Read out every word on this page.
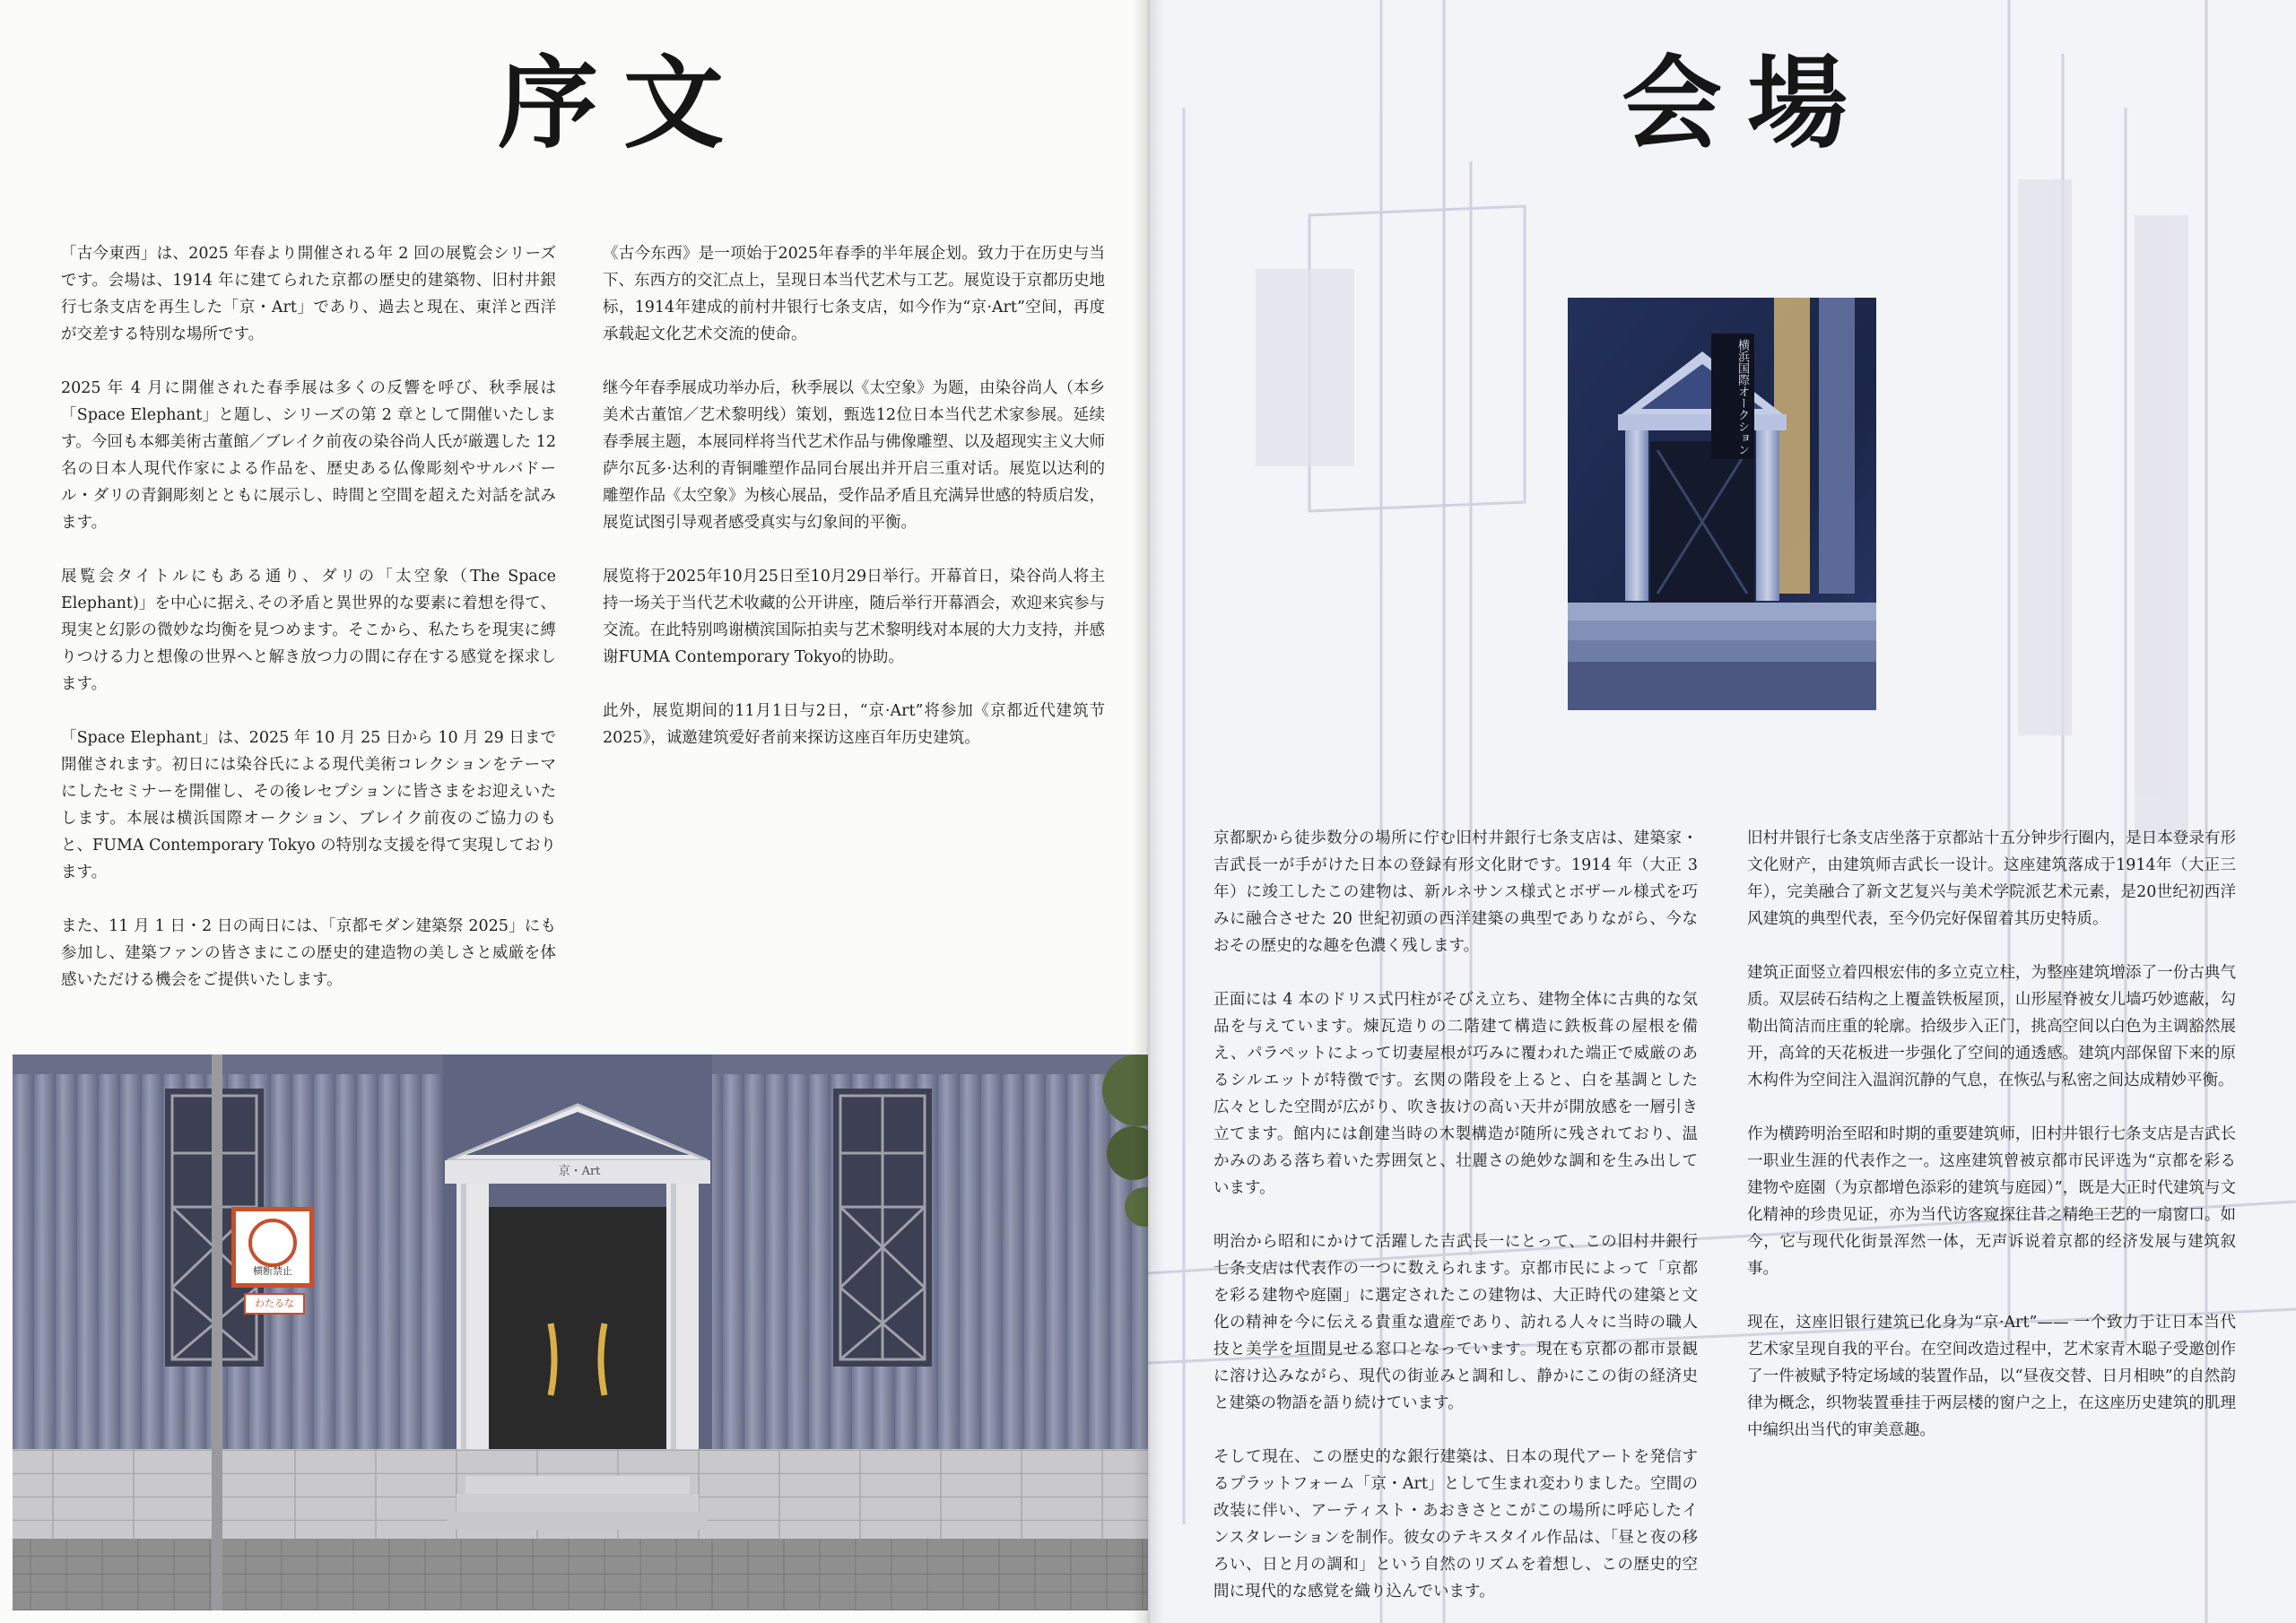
序文

「古今東西」は、2025 年春より開催される年 2 回の展覧会シリーズです。会場は、1914 年に建てられた京都の歴史的建築物、旧村井銀行七条支店を再生した「京・Art」であり、過去と現在、東洋と西洋が交差する特別な場所です。

2025 年 4 月に開催された春季展は多くの反響を呼び、秋季展は「Space Elephant」と題し、シリーズの第 2 章として開催いたします。今回も本郷美術古董館／ブレイク前夜の染谷尚人氏が厳選した 12 名の日本人現代作家による作品を、歴史ある仏像彫刻やサルバドール・ダリの青銅彫刻とともに展示し、時間と空間を超えた対話を試みます。

展覧会タイトルにもある通り、ダリの「太空象（The Space Elephant)」を中心に据え､その矛盾と異世界的な要素に着想を得て、現実と幻影の微妙な均衡を見つめます。そこから、私たちを現実に縛りつける力と想像の世界へと解き放つ力の間に存在する感覚を探求します。

「Space Elephant」は、2025 年 10 月 25 日から 10 月 29 日まで開催されます。初日には染谷氏による現代美術コレクションをテーマにしたセミナーを開催し、その後レセプションに皆さまをお迎えいたします。本展は横浜国際オークション、ブレイク前夜のご協力のもと、FUMA Contemporary Tokyo の特別な支援を得て実現しております。

また、11 月 1 日・2 日の両日には、「京都モダン建築祭 2025」にも参加し、建築ファンの皆さまにこの歴史的建造物の美しさと威厳を体感いただける機会をご提供いたします。

《古今东西》是一项始于2025年春季的半年展企划。致力于在历史与当下、东西方的交汇点上，呈现日本当代艺术与工艺。展览设于京都历史地标，1914年建成的前村井银行七条支店，如今作为“京·Art”空间，再度承载起文化艺术交流的使命。

继今年春季展成功举办后，秋季展以《太空象》为题，由染谷尚人（本乡美术古董馆／艺术黎明线）策划，甄选12位日本当代艺术家参展。延续春季展主题，本展同样将当代艺术作品与佛像雕塑、以及超现实主义大师萨尔瓦多·达利的青铜雕塑作品同台展出并开启三重对话。展览以达利的雕塑作品《太空象》为核心展品，受作品矛盾且充满异世感的特质启发，展览试图引导观者感受真实与幻象间的平衡。

展览将于2025年10月25日至10月29日举行。开幕首日，染谷尚人将主持一场关于当代艺术收藏的公开讲座，随后举行开幕酒会，欢迎来宾参与交流。在此特别鸣谢横滨国际拍卖与艺术黎明线对本展的大力支持，并感谢FUMA Contemporary Tokyo的协助。

此外，展览期间的11月1日与2日，“京·Art”将参加《京都近代建筑节2025》，诚邀建筑爱好者前来探访这座百年历史建筑。

京・Art
横断禁止
わたるな
会場
横浜国際オークション

京都駅から徒歩数分の場所に佇む旧村井銀行七条支店は、建築家・吉武長一が手がけた日本の登録有形文化財です。1914 年（大正 3 年）に竣工したこの建物は、新ルネサンス様式とボザール様式を巧みに融合させた 20 世紀初頭の西洋建築の典型でありながら、今なおその歴史的な趣を色濃く残します。

正面には 4 本のドリス式円柱がそびえ立ち、建物全体に古典的な気品を与えています。煉瓦造りの二階建て構造に鉄板葺の屋根を備え、パラペットによって切妻屋根が巧みに覆われた端正で威厳のあるシルエットが特徴です。玄関の階段を上ると、白を基調とした広々とした空間が広がり、吹き抜けの高い天井が開放感を一層引き立てます。館内には創建当時の木製構造が随所に残されており、温かみのある落ち着いた雰囲気と、壮麗さの絶妙な調和を生み出しています。

明治から昭和にかけて活躍した吉武長一にとって、この旧村井銀行七条支店は代表作の一つに数えられます。京都市民によって「京都を彩る建物や庭園」に選定されたこの建物は、大正時代の建築と文化の精神を今に伝える貴重な遺産であり、訪れる人々に当時の職人技と美学を垣間見せる窓口となっています。現在も京都の都市景観に溶け込みながら、現代の街並みと調和し、静かにこの街の経済史と建築の物語を語り続けています。

そして現在、この歴史的な銀行建築は、日本の現代アートを発信するプラットフォーム「京・Art」として生まれ変わりました。空間の改装に伴い、アーティスト・あおきさとこがこの場所に呼応したインスタレーションを制作。彼女のテキスタイル作品は、「昼と夜の移ろい、日と月の調和」という自然のリズムを着想し、この歴史的空間に現代的な感覚を織り込んでいます。

旧村井银行七条支店坐落于京都站十五分钟步行圈内，是日本登录有形文化财产，由建筑师吉武长一设计。这座建筑落成于1914年（大正三年），完美融合了新文艺复兴与美术学院派艺术元素，是20世纪初西洋风建筑的典型代表，至今仍完好保留着其历史特质。

建筑正面竖立着四根宏伟的多立克立柱，为整座建筑增添了一份古典气质。双层砖石结构之上覆盖铁板屋顶，山形屋脊被女儿墙巧妙遮蔽，勾勒出简洁而庄重的轮廓。拾级步入正门，挑高空间以白色为主调豁然展开，高耸的天花板进一步强化了空间的通透感。建筑内部保留下来的原木构件为空间注入温润沉静的气息，在恢弘与私密之间达成精妙平衡。

作为横跨明治至昭和时期的重要建筑师，旧村井银行七条支店是吉武长一职业生涯的代表作之一。这座建筑曾被京都市民评选为“京都を彩る建物や庭園（为京都增色添彩的建筑与庭园）”，既是大正时代建筑与文化精神的珍贵见证，亦为当代访客窥探往昔之精绝工艺的一扇窗口。如今，它与现代化街景浑然一体，无声诉说着京都的经济发展与建筑叙事。

现在，这座旧银行建筑已化身为“京·Art”—— 一个致力于让日本当代艺术家呈现自我的平台。在空间改造过程中，艺术家青木聪子受邀创作了一件被赋予特定场域的装置作品，以“昼夜交替、日月相映”的自然韵律为概念，织物装置垂挂于两层楼的窗户之上，在这座历史建筑的肌理中编织出当代的审美意趣。
